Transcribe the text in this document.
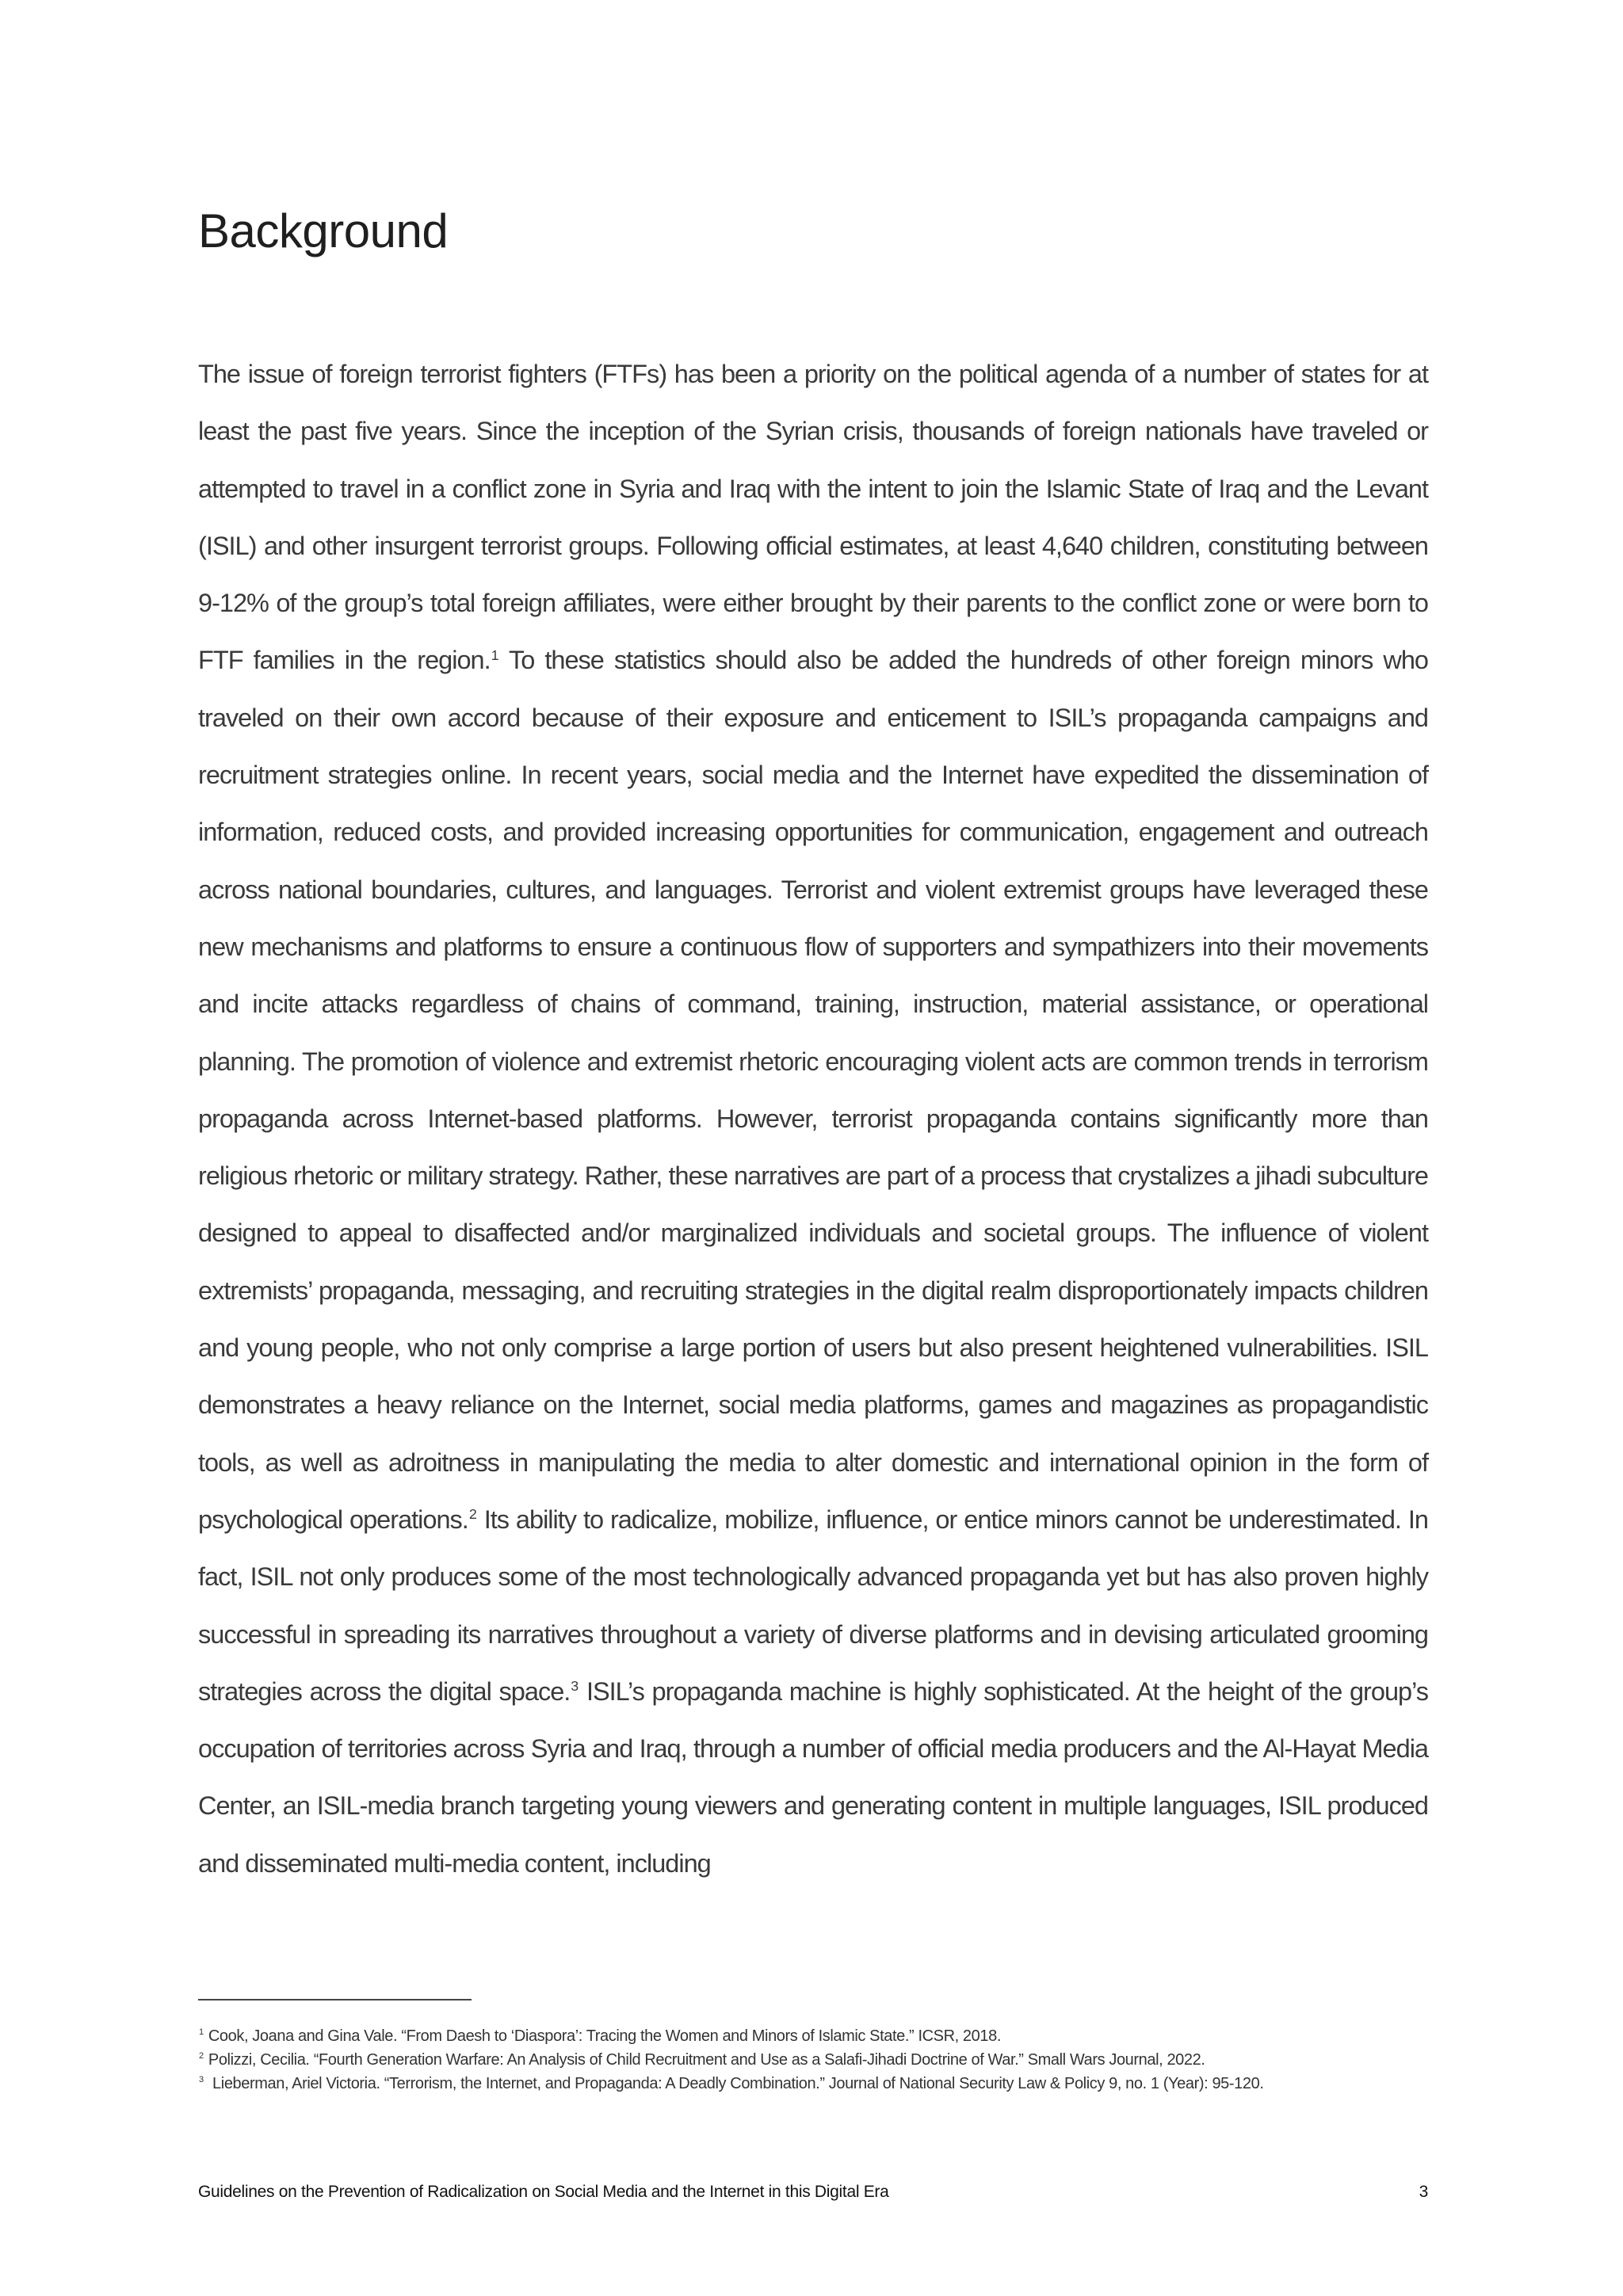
Background

The issue of foreign terrorist fighters (FTFs) has been a priority on the political agenda of a number of states for at least the past five years. Since the inception of the Syrian crisis, thousands of foreign nationals have traveled or attempted to travel in a conflict zone in Syria and Iraq with the intent to join the Islamic State of Iraq and the Levant (ISIL) and other insurgent terrorist groups. Following official estimates, at least 4,640 children, constituting between 9-12% of the group’s total foreign affiliates, were either brought by their parents to the conflict zone or were born to FTF families in the region.$^1$ To these statistics should also be added the hundreds of other foreign minors who traveled on their own accord because of their exposure and enticement to ISIL’s propaganda campaigns and recruitment strategies online. In recent years, social media and the Internet have expedited the dissemination of information, reduced costs, and provided increasing opportunities for communication, engagement and outreach across national boundaries, cultures, and languages. Terrorist and violent extremist groups have leveraged these new mechanisms and platforms to ensure a continuous flow of supporters and sympathizers into their movements and incite attacks regardless of chains of command, training, instruction, material assistance, or operational planning. The promotion of violence and extremist rhetoric encouraging violent acts are common trends in terrorism propaganda across Internet-based platforms. However, terrorist propaganda contains significantly more than religious rhetoric or military strategy. Rather, these narratives are part of a process that crystalizes a jihadi subculture designed to appeal to disaffected and/or marginalized individuals and societal groups. The influence of violent extremists’ propaganda, messaging, and recruiting strategies in the digital realm disproportionately impacts children and young people, who not only comprise a large portion of users but also present heightened vulnerabilities. ISIL demonstrates a heavy reliance on the Internet, social media platforms, games and magazines as propagandistic tools, as well as adroitness in manipulating the media to alter domestic and international opinion in the form of psychological operations.$^2$ Its ability to radicalize, mobilize, influence, or entice minors cannot be underestimated. In fact, ISIL not only produces some of the most technologically advanced propaganda yet but has also proven highly successful in spreading its narratives throughout a variety of diverse platforms and in devising articulated grooming strategies across the digital space.$^3$ ISIL’s propaganda machine is highly sophisticated. At the height of the group’s occupation of territories across Syria and Iraq, through a number of official media producers and the Al-Hayat Media Center, an ISIL-media branch targeting young viewers and generating content in multiple languages, ISIL produced and disseminated multi-media content, including

$^1$ Cook, Joana and Gina Vale. “From Daesh to ‘Diaspora’: Tracing the Women and Minors of Islamic State.” ICSR, 2018.

$^2$ Polizzi, Cecilia. “Fourth Generation Warfare: An Analysis of Child Recruitment and Use as a Salafi-Jihadi Doctrine of War.” Small Wars Journal, 2022.

$^3$ Lieberman, Ariel Victoria. “Terrorism, the Internet, and Propaganda: A Deadly Combination.” Journal of National Security Law & Policy 9, no. 1 (Year): 95-120.

Guidelines on the Prevention of Radicalization on Social Media and the Internet in this Digital Era	3
